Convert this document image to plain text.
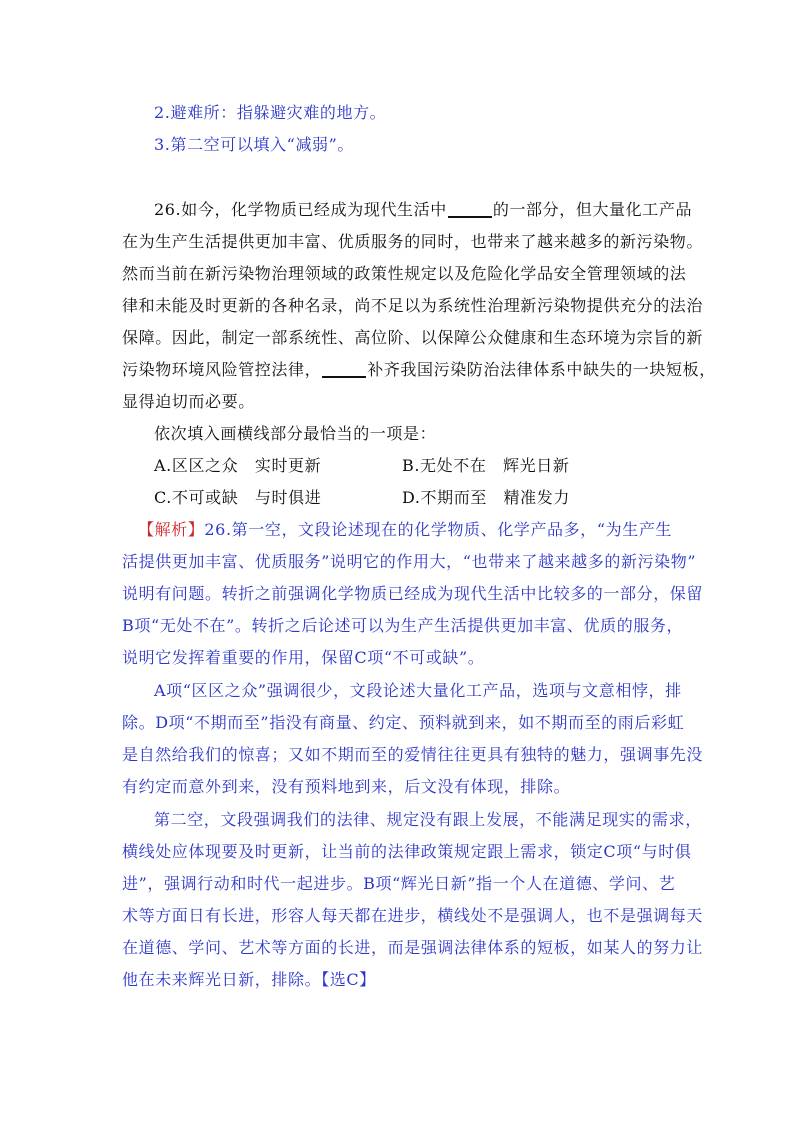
2.避难所：指躲避灾难的地方。
3.第二空可以填入“减弱”。
26.如今，化学物质已经成为现代生活中	的一部分，但大量化工产品
在为生产生活提供更加丰富、优质服务的同时，也带来了越来越多的新污染物。
然而当前在新污染物治理领域的政策性规定以及危险化学品安全管理领域的法
律和未能及时更新的各种名录，尚不足以为系统性治理新污染物提供充分的法治
保障。因此，制定一部系统性、高位阶、以保障公众健康和生态环境为宗旨的新
污染物环境风险管控法律，	补齐我国污染防治法律体系中缺失的一块短板，
显得迫切而必要。
依次填入画横线部分最恰当的一项是：
A.区区之众　实时更新	B.无处不在　辉光日新
C.不可或缺　与时俱进	D.不期而至　精准发力
【解析】26.第一空，文段论述现在的化学物质、化学产品多，“为生产生
活提供更加丰富、优质服务”说明它的作用大，“也带来了越来越多的新污染物”
说明有问题。转折之前强调化学物质已经成为现代生活中比较多的一部分，保留
B项“无处不在”。转折之后论述可以为生产生活提供更加丰富、优质的服务，
说明它发挥着重要的作用，保留C项“不可或缺”。
A项“区区之众”强调很少，文段论述大量化工产品，选项与文意相悖，排
除。D项“不期而至”指没有商量、约定、预料就到来，如不期而至的雨后彩虹
是自然给我们的惊喜；又如不期而至的爱情往往更具有独特的魅力，强调事先没
有约定而意外到来，没有预料地到来，后文没有体现，排除。
第二空，文段强调我们的法律、规定没有跟上发展，不能满足现实的需求，
横线处应体现要及时更新，让当前的法律政策规定跟上需求，锁定C项“与时俱
进”，强调行动和时代一起进步。B项“辉光日新”指一个人在道德、学问、艺
术等方面日有长进，形容人每天都在进步，横线处不是强调人，也不是强调每天
在道德、学问、艺术等方面的长进，而是强调法律体系的短板，如某人的努力让
他在未来辉光日新，排除。【选C】
